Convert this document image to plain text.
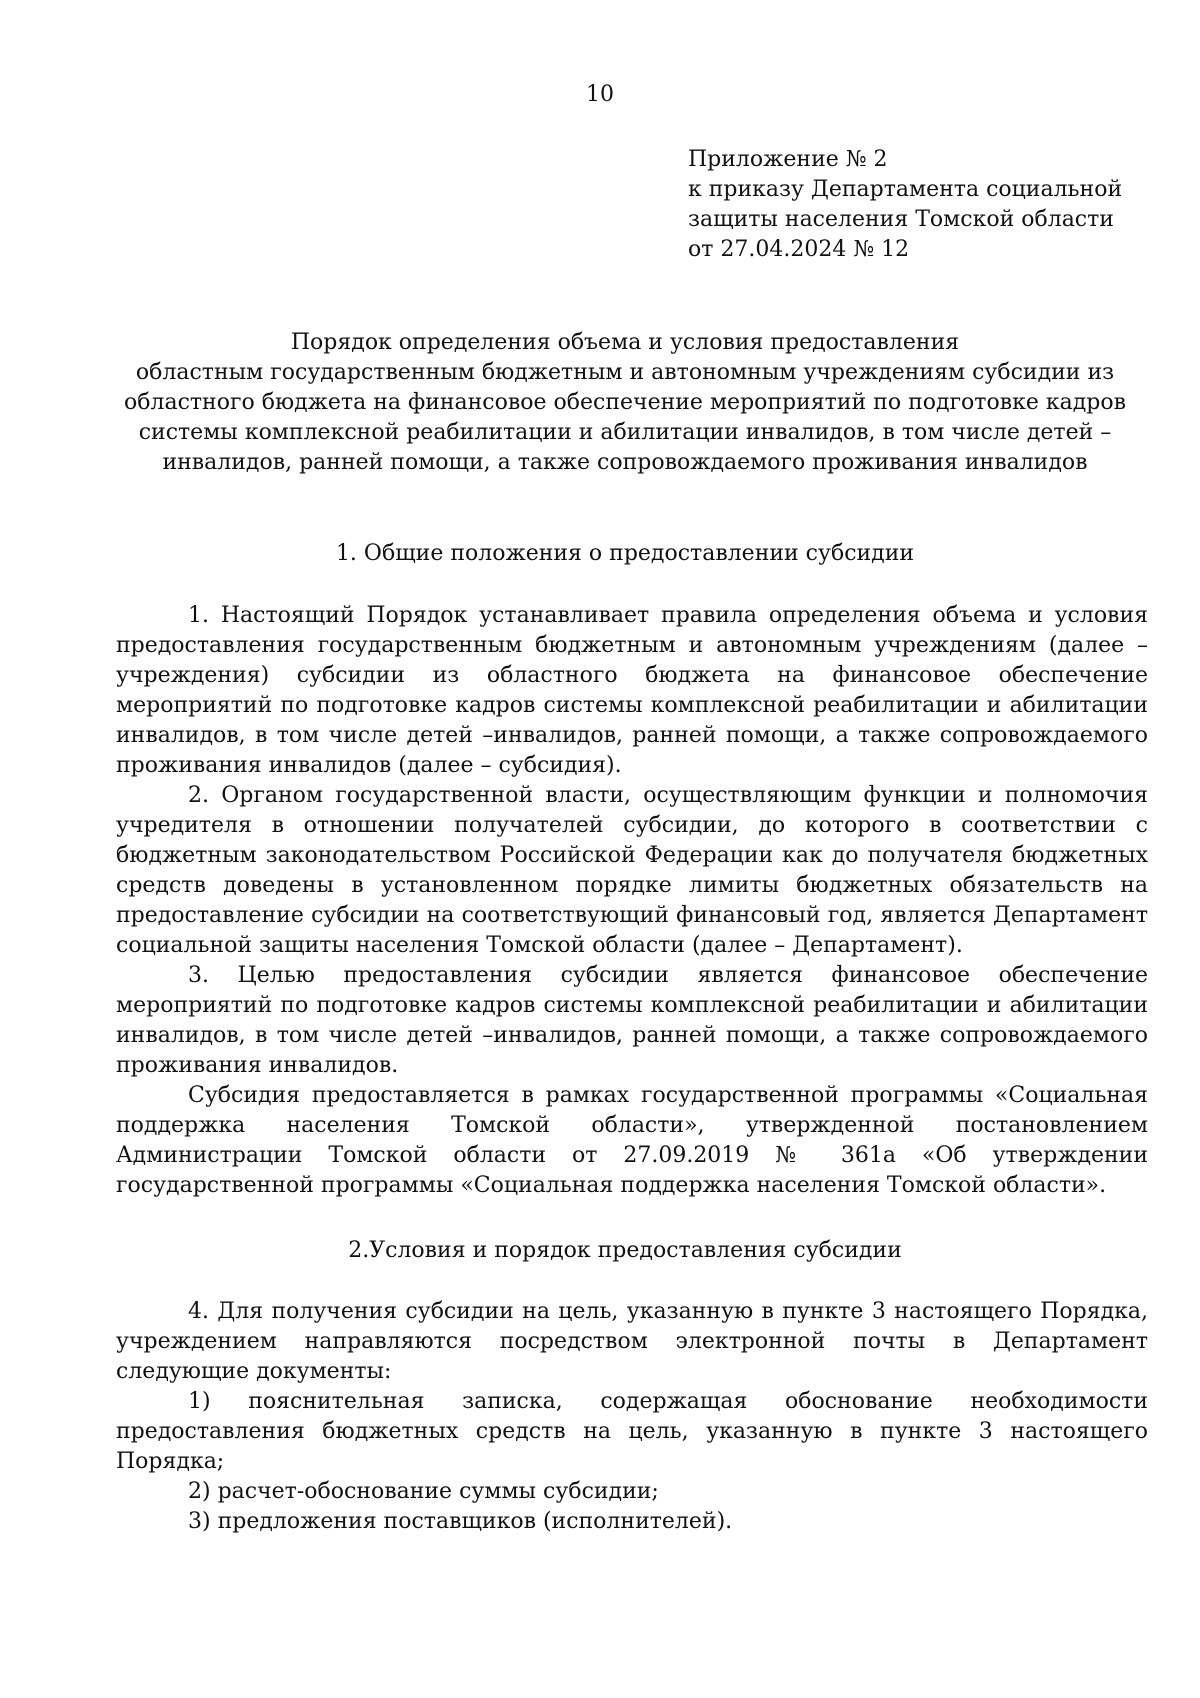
10
Приложение № 2
к приказу Департамента социальной
защиты населения Томской области
от 27.04.2024 № 12
Порядок определения объема и условия предоставления
областным государственным бюджетным и автономным учреждениям субсидии из
областного бюджета на финансовое обеспечение мероприятий по подготовке кадров
системы комплексной реабилитации и абилитации инвалидов, в том числе детей –
инвалидов, ранней помощи, а также сопровождаемого проживания инвалидов
1. Общие положения о предоставлении субсидии

1. Настоящий Порядок устанавливает правила определения объема и условия предоставления государственным бюджетным и автономным учреждениям (далее – учреждения) субсидии из областного бюджета на финансовое обеспечение мероприятий по подготовке кадров системы комплексной реабилитации и абилитации инвалидов, в том числе детей –инвалидов, ранней помощи, а также сопровождаемого проживания инвалидов (далее – субсидия).

2. Органом государственной власти, осуществляющим функции и полномочия учредителя в отношении получателей субсидии, до которого в соответствии с бюджетным законодательством Российской Федерации как до получателя бюджетных средств доведены в установленном порядке лимиты бюджетных обязательств на предоставление субсидии на соответствующий финансовый год, является Департамент социальной защиты населения Томской области (далее – Департамент).

3. Целью предоставления субсидии является финансовое обеспечение мероприятий по подготовке кадров системы комплексной реабилитации и абилитации инвалидов, в том числе детей –инвалидов, ранней помощи, а также сопровождаемого проживания инвалидов.

Субсидия предоставляется в рамках государственной программы «Социальная поддержка населения Томской области», утвержденной постановлением Администрации Томской области от 27.09.2019 № 361а «Об утверждении государственной программы «Социальная поддержка населения Томской области».

2.Условия и порядок предоставления субсидии

4. Для получения субсидии на цель, указанную в пункте 3 настоящего Порядка, учреждением направляются посредством электронной почты в Департамент следующие документы:

1) пояснительная записка, содержащая обоснование необходимости предоставления бюджетных средств на цель, указанную в пункте 3 настоящего Порядка;

2) расчет-обоснование суммы субсидии;

3) предложения поставщиков (исполнителей).
